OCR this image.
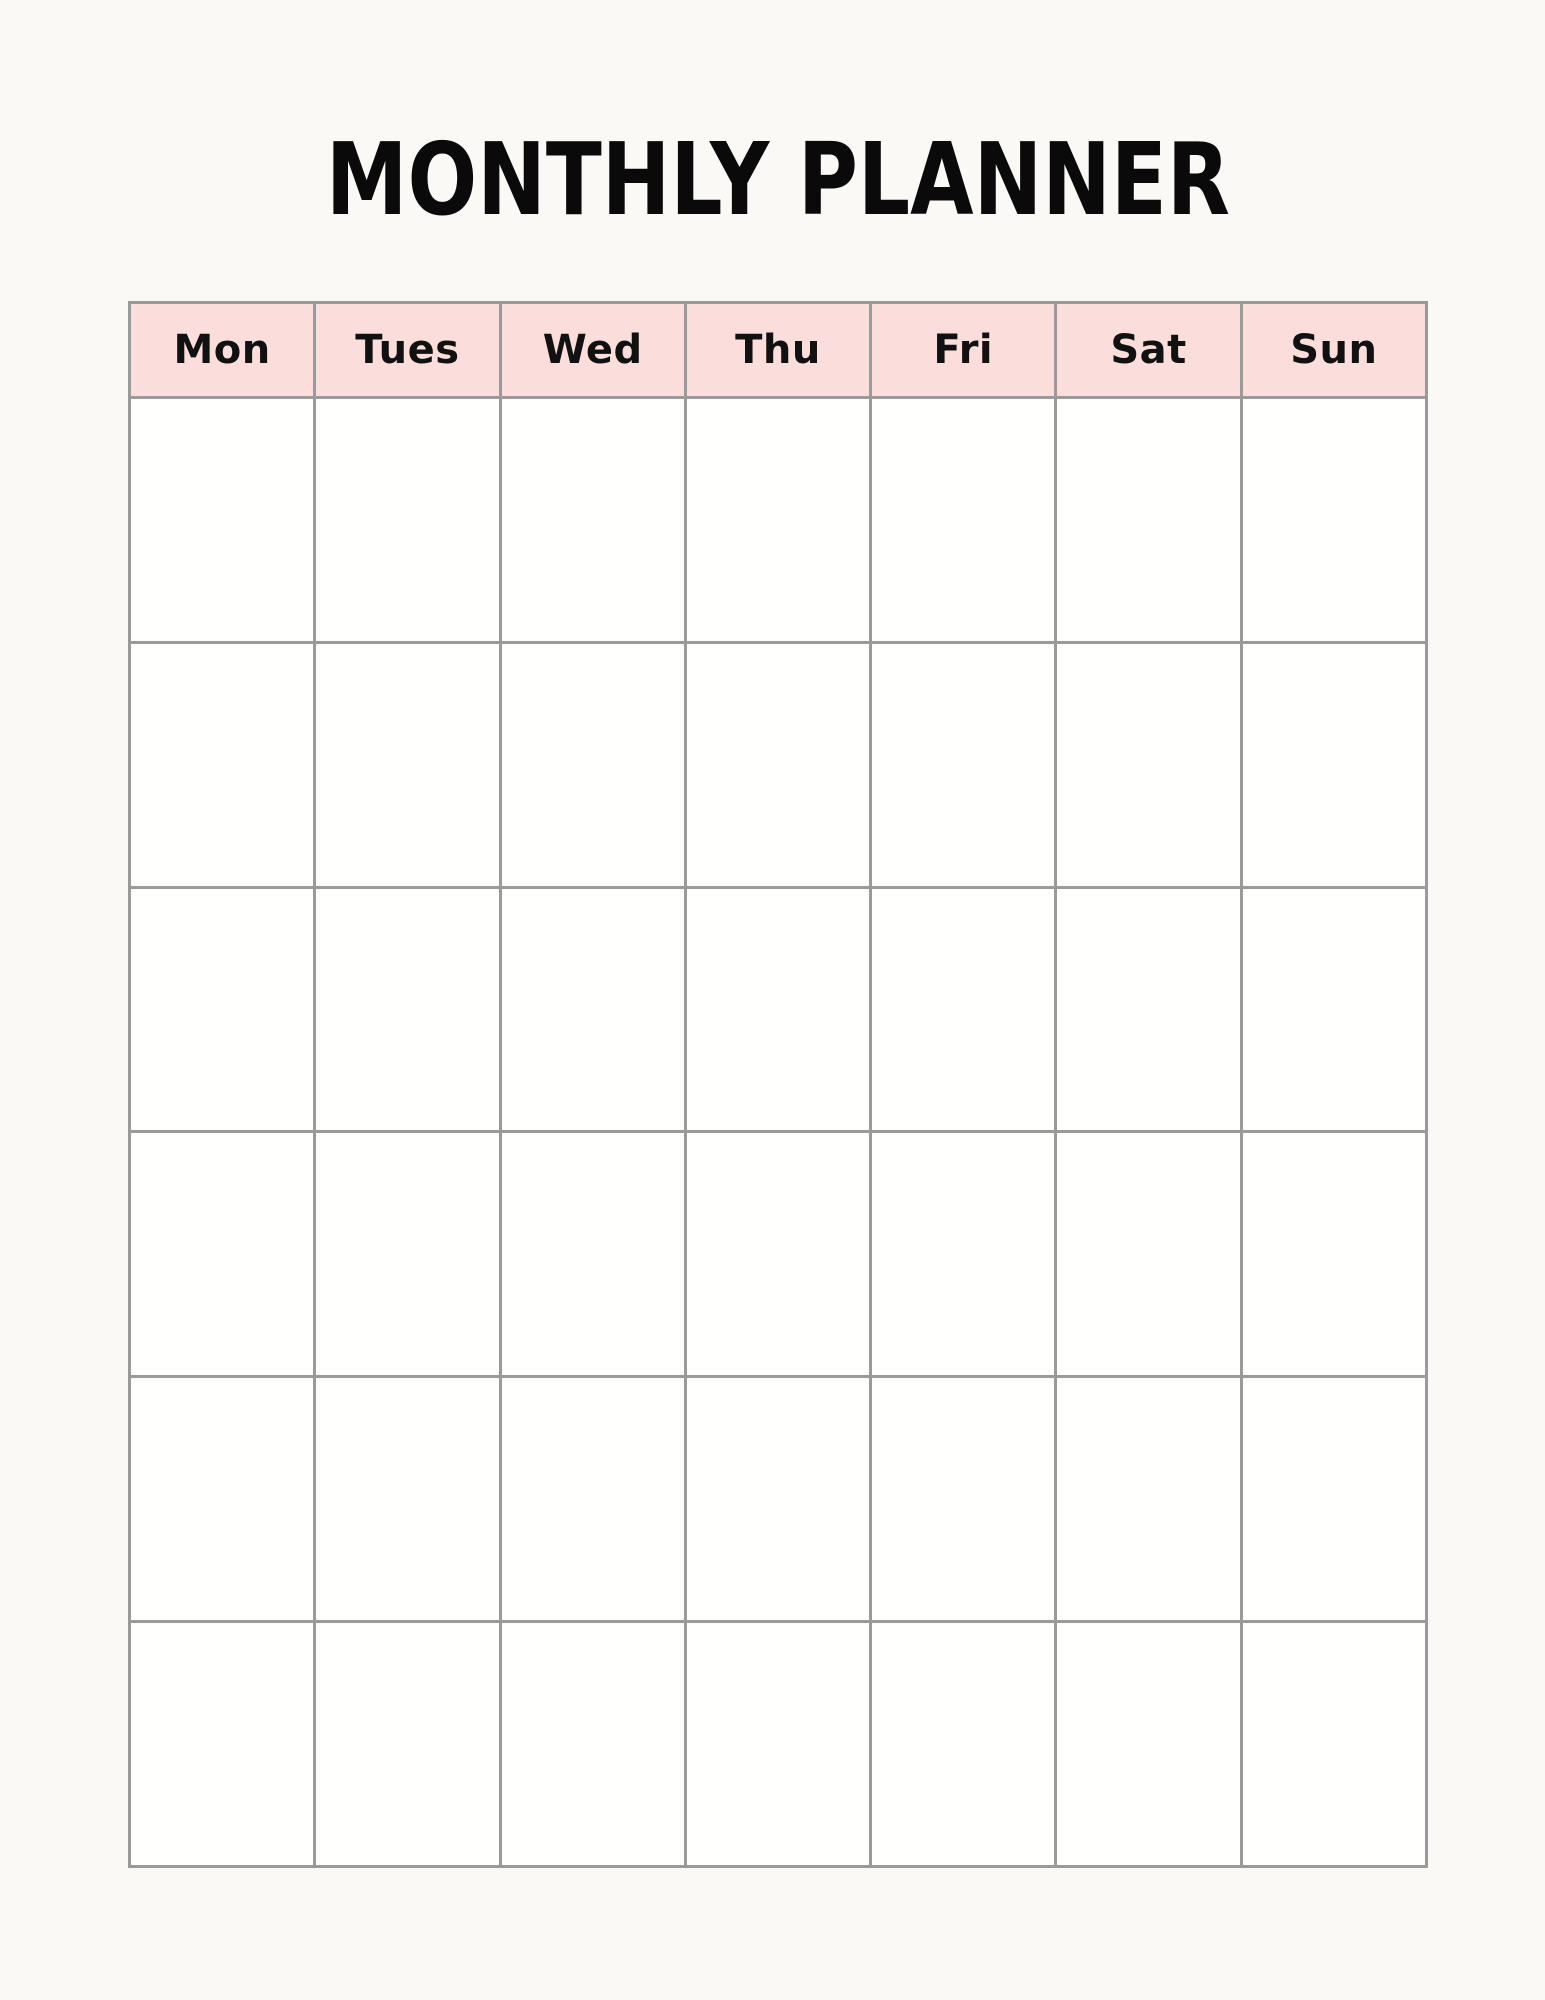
MONTHLY PLANNER
Mon Tues Wed Thu	Fri	Sat	Sun
